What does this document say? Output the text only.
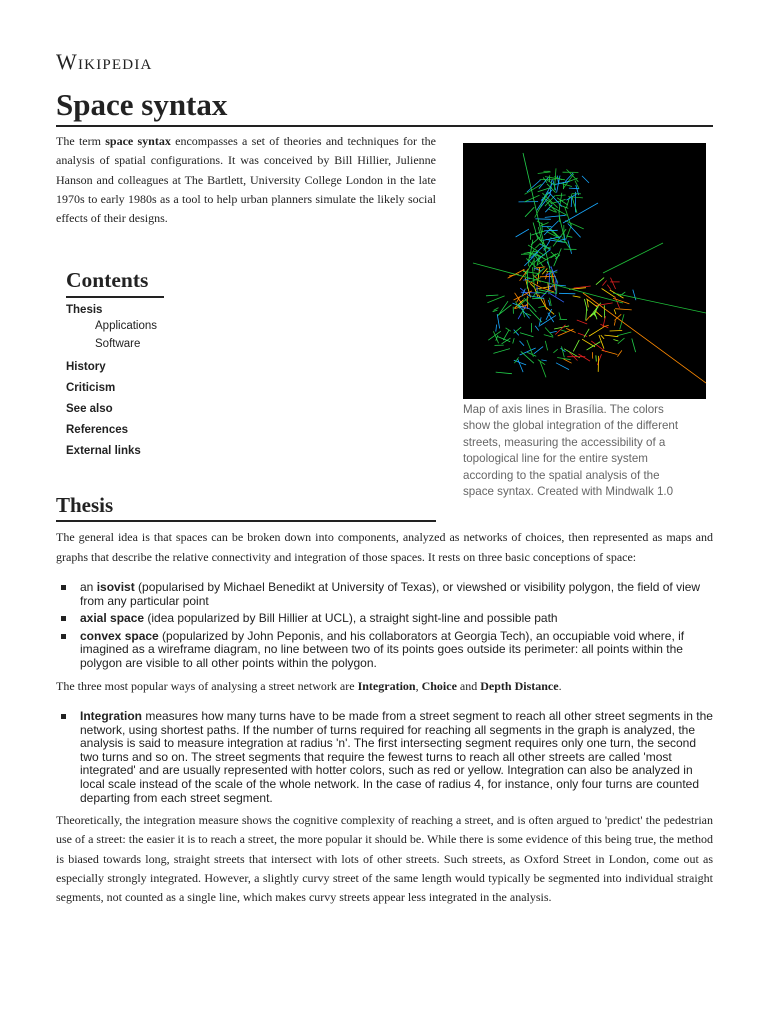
Wikipedia
Space syntax

The term space syntax encompasses a set of theories and techniques for the analysis of spatial configurations. It was conceived by Bill Hillier, Julienne Hanson and colleagues at The Bartlett, University College London in the late 1970s to early 1980s as a tool to help urban planners simulate the likely social effects of their designs.

Map of axis lines in Brasília. The colors
show the global integration of the different
streets, measuring the accessibility of a
topological line for the entire system
according to the spatial analysis of the
space syntax. Created with Mindwalk 1.0
Contents
Thesis
Applications
Software
History
Criticism
See also
References
External links
Thesis

The general idea is that spaces can be broken down into components, analyzed as networks of choices, then represented as maps and graphs that describe the relative connectivity and integration of those spaces. It rests on three basic conceptions of space:

an isovist (popularised by Michael Benedikt at University of Texas), or viewshed or visibility polygon, the field of view from any particular point
axial space (idea popularized by Bill Hillier at UCL), a straight sight-line and possible path
convex space (popularized by John Peponis, and his collaborators at Georgia Tech), an occupiable void where, if imagined as a wireframe diagram, no line between two of its points goes outside its perimeter: all points within the polygon are visible to all other points within the polygon.

The three most popular ways of analysing a street network are Integration, Choice and Depth Distance.

Integration measures how many turns have to be made from a street segment to reach all other street segments in the network, using shortest paths. If the number of turns required for reaching all segments in the graph is analyzed, the analysis is said to measure integration at radius 'n'. The first intersecting segment requires only one turn, the second two turns and so on. The street segments that require the fewest turns to reach all other streets are called 'most integrated' and are usually represented with hotter colors, such as red or yellow. Integration can also be analyzed in local scale instead of the scale of the whole network. In the case of radius 4, for instance, only four turns are counted departing from each street segment.

Theoretically, the integration measure shows the cognitive complexity of reaching a street, and is often argued to 'predict' the pedestrian use of a street: the easier it is to reach a street, the more popular it should be. While there is some evidence of this being true, the method is biased towards long, straight streets that intersect with lots of other streets. Such streets, as Oxford Street in London, come out as especially strongly integrated. However, a slightly curvy street of the same length would typically be segmented into individual straight segments, not counted as a single line, which makes curvy streets appear less integrated in the analysis.
